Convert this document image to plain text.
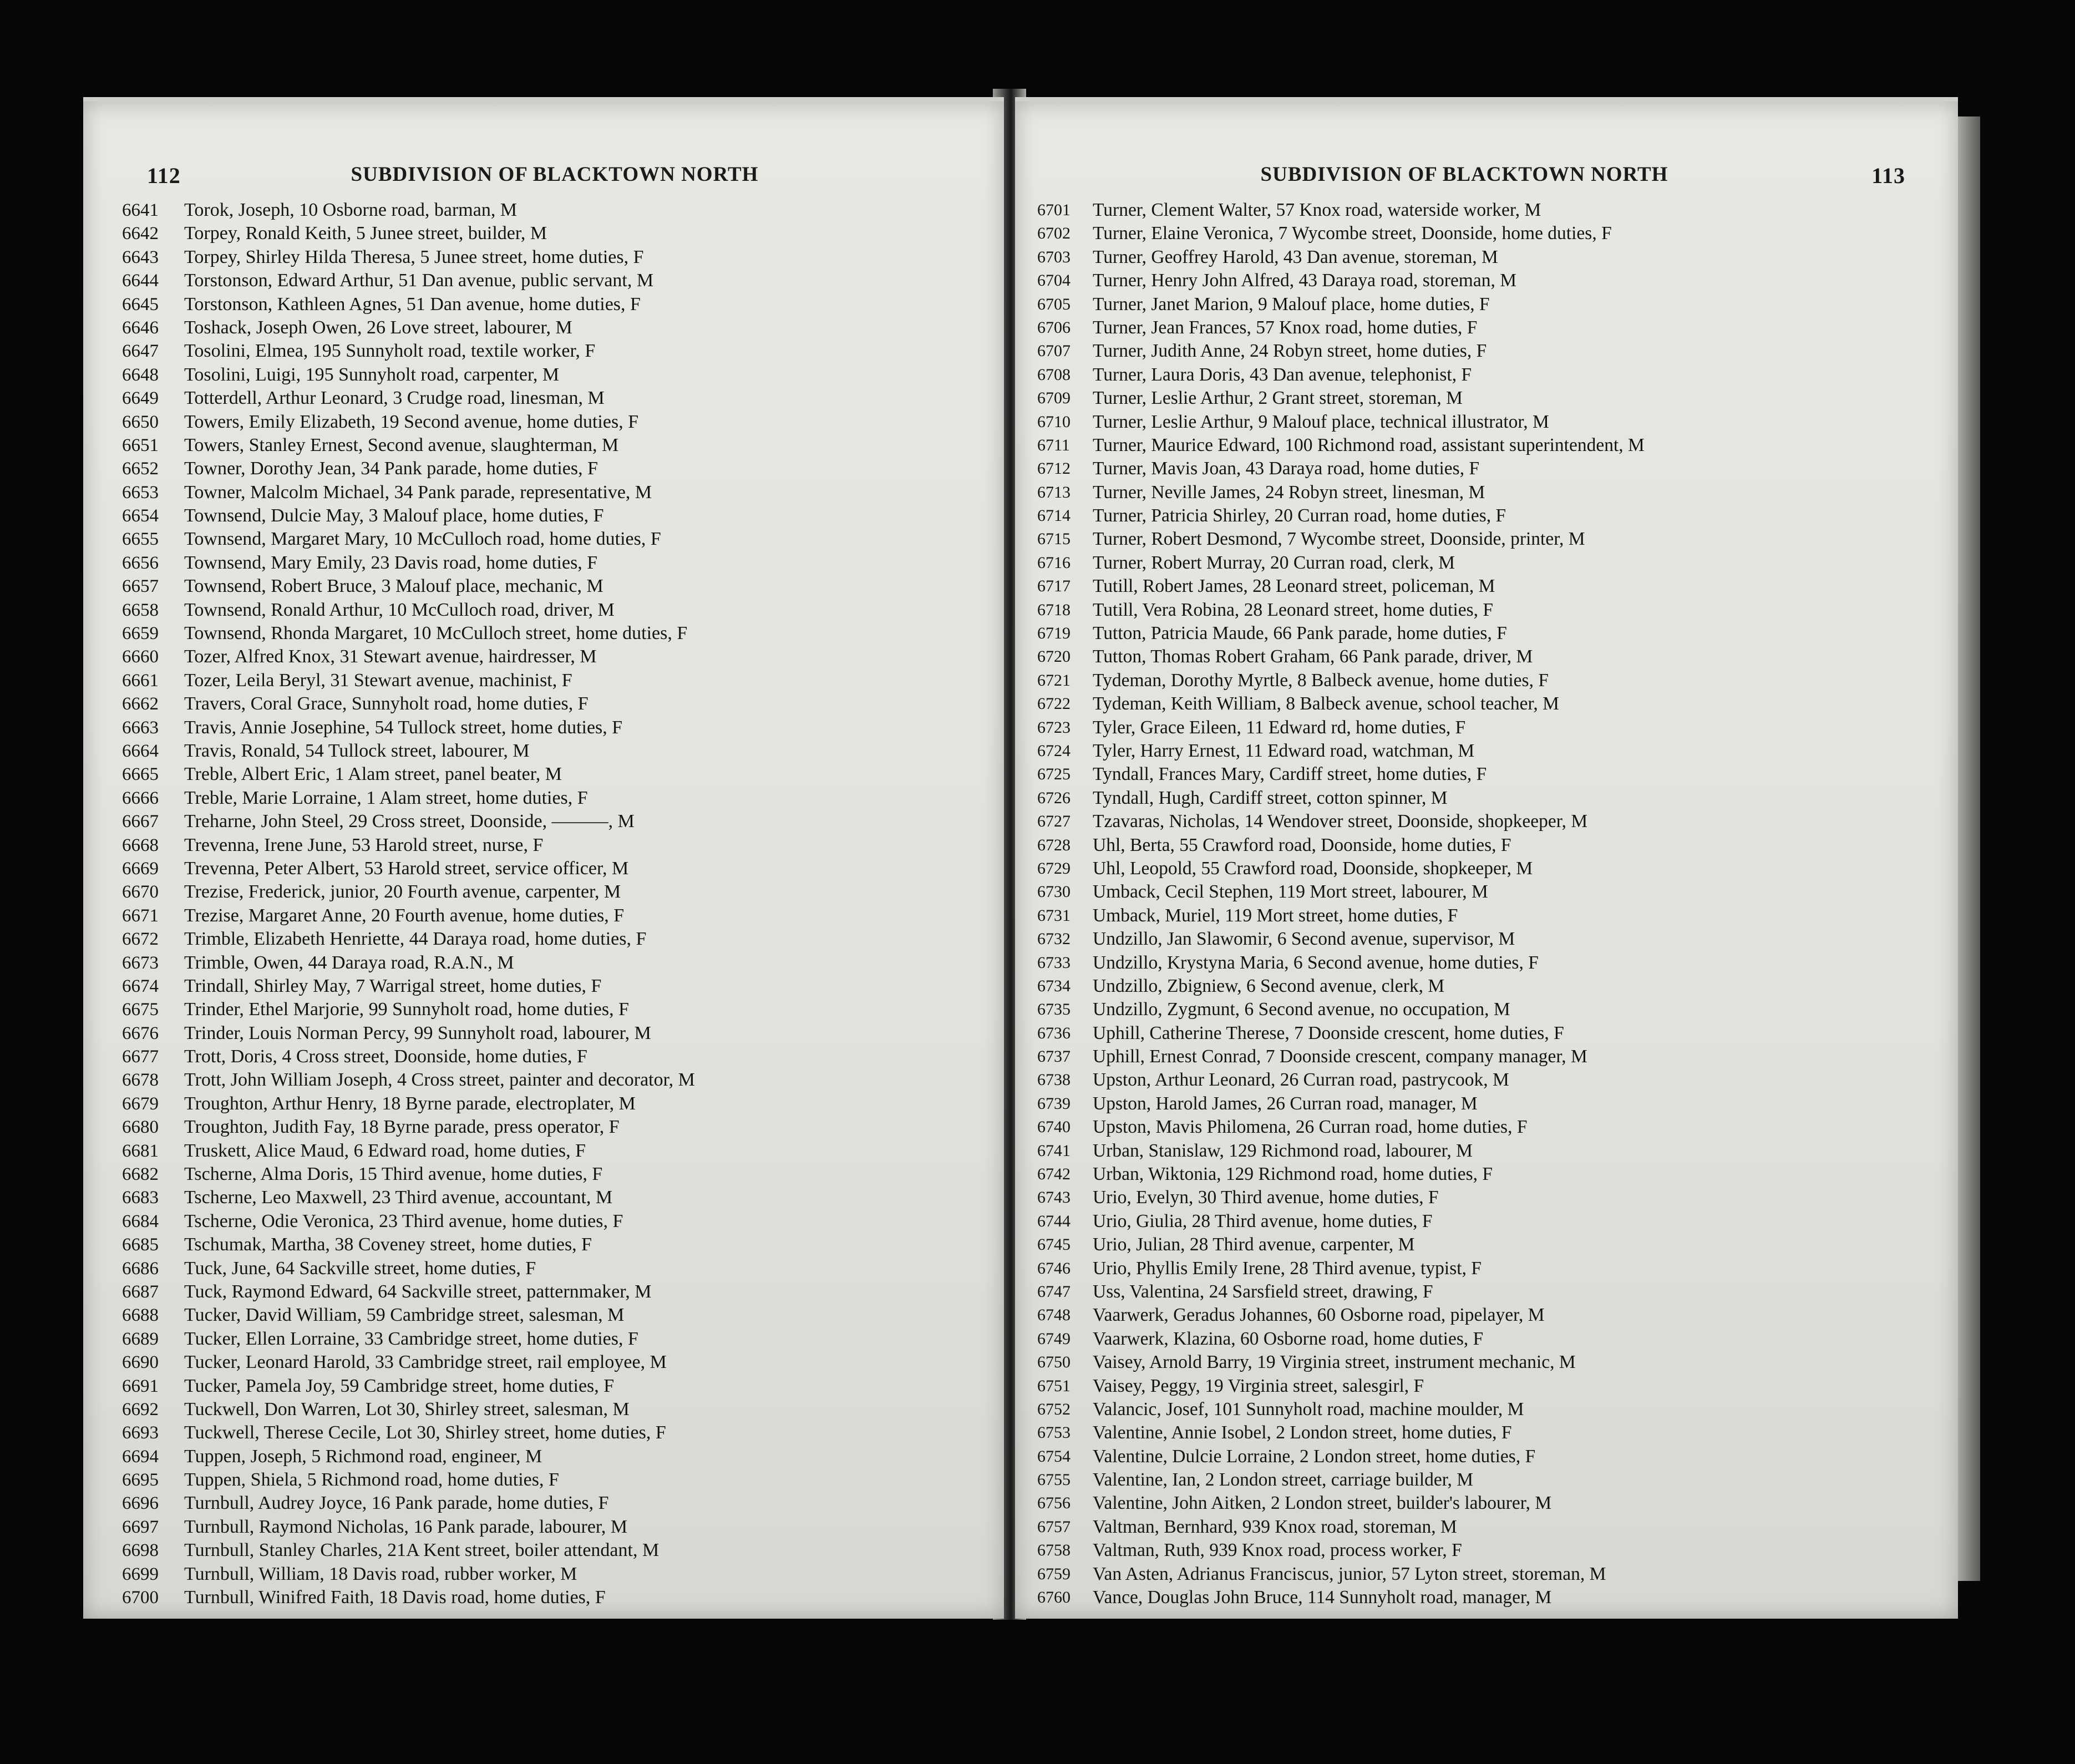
112	SUBDIVISION OF BLACKTOWN NORTH
6641	Torok, Joseph, 10 Osborne road, barman, M
6642	Torpey, Ronald Keith, 5 Junee street, builder, M
6643	Torpey, Shirley Hilda Theresa, 5 Junee street, home duties, F
6644	Torstonson, Edward Arthur, 51 Dan avenue, public servant, M
6645	Torstonson, Kathleen Agnes, 51 Dan avenue, home duties, F
6646	Toshack, Joseph Owen, 26 Love street, labourer, M
6647	Tosolini, Elmea, 195 Sunnyholt road, textile worker, F
6648	Tosolini, Luigi, 195 Sunnyholt road, carpenter, M
6649	Totterdell, Arthur Leonard, 3 Crudge road, linesman, M
6650	Towers, Emily Elizabeth, 19 Second avenue, home duties, F
6651	Towers, Stanley Ernest, Second avenue, slaughterman, M
6652	Towner, Dorothy Jean, 34 Pank parade, home duties, F
6653	Towner, Malcolm Michael, 34 Pank parade, representative, M
6654	Townsend, Dulcie May, 3 Malouf place, home duties, F
6655	Townsend, Margaret Mary, 10 McCulloch road, home duties, F
6656	Townsend, Mary Emily, 23 Davis road, home duties, F
6657	Townsend, Robert Bruce, 3 Malouf place, mechanic, M
6658	Townsend, Ronald Arthur, 10 McCulloch road, driver, M
6659	Townsend, Rhonda Margaret, 10 McCulloch street, home duties, F
6660	Tozer, Alfred Knox, 31 Stewart avenue, hairdresser, M
6661	Tozer, Leila Beryl, 31 Stewart avenue, machinist, F
6662	Travers, Coral Grace, Sunnyholt road, home duties, F
6663	Travis, Annie Josephine, 54 Tullock street, home duties, F
6664	Travis, Ronald, 54 Tullock street, labourer, M
6665	Treble, Albert Eric, 1 Alam street, panel beater, M
6666	Treble, Marie Lorraine, 1 Alam street, home duties, F
6667	Treharne, John Steel, 29 Cross street, Doonside, ———, M
6668	Trevenna, Irene June, 53 Harold street, nurse, F
6669	Trevenna, Peter Albert, 53 Harold street, service officer, M
6670	Trezise, Frederick, junior, 20 Fourth avenue, carpenter, M
6671	Trezise, Margaret Anne, 20 Fourth avenue, home duties, F
6672	Trimble, Elizabeth Henriette, 44 Daraya road, home duties, F
6673	Trimble, Owen, 44 Daraya road, R.A.N., M
6674	Trindall, Shirley May, 7 Warrigal street, home duties, F
6675	Trinder, Ethel Marjorie, 99 Sunnyholt road, home duties, F
6676	Trinder, Louis Norman Percy, 99 Sunnyholt road, labourer, M
6677	Trott, Doris, 4 Cross street, Doonside, home duties, F
6678	Trott, John William Joseph, 4 Cross street, painter and decorator, M
6679	Troughton, Arthur Henry, 18 Byrne parade, electroplater, M
6680	Troughton, Judith Fay, 18 Byrne parade, press operator, F
6681	Truskett, Alice Maud, 6 Edward road, home duties, F
6682	Tscherne, Alma Doris, 15 Third avenue, home duties, F
6683	Tscherne, Leo Maxwell, 23 Third avenue, accountant, M
6684	Tscherne, Odie Veronica, 23 Third avenue, home duties, F
6685	Tschumak, Martha, 38 Coveney street, home duties, F
6686	Tuck, June, 64 Sackville street, home duties, F
6687	Tuck, Raymond Edward, 64 Sackville street, patternmaker, M
6688	Tucker, David William, 59 Cambridge street, salesman, M
6689	Tucker, Ellen Lorraine, 33 Cambridge street, home duties, F
6690	Tucker, Leonard Harold, 33 Cambridge street, rail employee, M
6691	Tucker, Pamela Joy, 59 Cambridge street, home duties, F
6692	Tuckwell, Don Warren, Lot 30, Shirley street, salesman, M
6693	Tuckwell, Therese Cecile, Lot 30, Shirley street, home duties, F
6694	Tuppen, Joseph, 5 Richmond road, engineer, M
6695	Tuppen, Shiela, 5 Richmond road, home duties, F
6696	Turnbull, Audrey Joyce, 16 Pank parade, home duties, F
6697	Turnbull, Raymond Nicholas, 16 Pank parade, labourer, M
6698	Turnbull, Stanley Charles, 21A Kent street, boiler attendant, M
6699	Turnbull, William, 18 Davis road, rubber worker, M
6700	Turnbull, Winifred Faith, 18 Davis road, home duties, F
SUBDIVISION OF BLACKTOWN NORTH	113
6701	Turner, Clement Walter, 57 Knox road, waterside worker, M
6702	Turner, Elaine Veronica, 7 Wycombe street, Doonside, home duties, F
6703	Turner, Geoffrey Harold, 43 Dan avenue, storeman, M
6704	Turner, Henry John Alfred, 43 Daraya road, storeman, M
6705	Turner, Janet Marion, 9 Malouf place, home duties, F
6706	Turner, Jean Frances, 57 Knox road, home duties, F
6707	Turner, Judith Anne, 24 Robyn street, home duties, F
6708	Turner, Laura Doris, 43 Dan avenue, telephonist, F
6709	Turner, Leslie Arthur, 2 Grant street, storeman, M
6710	Turner, Leslie Arthur, 9 Malouf place, technical illustrator, M
6711	Turner, Maurice Edward, 100 Richmond road, assistant superintendent, M
6712	Turner, Mavis Joan, 43 Daraya road, home duties, F
6713	Turner, Neville James, 24 Robyn street, linesman, M
6714	Turner, Patricia Shirley, 20 Curran road, home duties, F
6715	Turner, Robert Desmond, 7 Wycombe street, Doonside, printer, M
6716	Turner, Robert Murray, 20 Curran road, clerk, M
6717	Tutill, Robert James, 28 Leonard street, policeman, M
6718	Tutill, Vera Robina, 28 Leonard street, home duties, F
6719	Tutton, Patricia Maude, 66 Pank parade, home duties, F
6720	Tutton, Thomas Robert Graham, 66 Pank parade, driver, M
6721	Tydeman, Dorothy Myrtle, 8 Balbeck avenue, home duties, F
6722	Tydeman, Keith William, 8 Balbeck avenue, school teacher, M
6723	Tyler, Grace Eileen, 11 Edward rd, home duties, F
6724	Tyler, Harry Ernest, 11 Edward road, watchman, M
6725	Tyndall, Frances Mary, Cardiff street, home duties, F
6726	Tyndall, Hugh, Cardiff street, cotton spinner, M
6727	Tzavaras, Nicholas, 14 Wendover street, Doonside, shopkeeper, M
6728	Uhl, Berta, 55 Crawford road, Doonside, home duties, F
6729	Uhl, Leopold, 55 Crawford road, Doonside, shopkeeper, M
6730	Umback, Cecil Stephen, 119 Mort street, labourer, M
6731	Umback, Muriel, 119 Mort street, home duties, F
6732	Undzillo, Jan Slawomir, 6 Second avenue, supervisor, M
6733	Undzillo, Krystyna Maria, 6 Second avenue, home duties, F
6734	Undzillo, Zbigniew, 6 Second avenue, clerk, M
6735	Undzillo, Zygmunt, 6 Second avenue, no occupation, M
6736	Uphill, Catherine Therese, 7 Doonside crescent, home duties, F
6737	Uphill, Ernest Conrad, 7 Doonside crescent, company manager, M
6738	Upston, Arthur Leonard, 26 Curran road, pastrycook, M
6739	Upston, Harold James, 26 Curran road, manager, M
6740	Upston, Mavis Philomena, 26 Curran road, home duties, F
6741	Urban, Stanislaw, 129 Richmond road, labourer, M
6742	Urban, Wiktonia, 129 Richmond road, home duties, F
6743	Urio, Evelyn, 30 Third avenue, home duties, F
6744	Urio, Giulia, 28 Third avenue, home duties, F
6745	Urio, Julian, 28 Third avenue, carpenter, M
6746	Urio, Phyllis Emily Irene, 28 Third avenue, typist, F
6747	Uss, Valentina, 24 Sarsfield street, drawing, F
6748	Vaarwerk, Geradus Johannes, 60 Osborne road, pipelayer, M
6749	Vaarwerk, Klazina, 60 Osborne road, home duties, F
6750	Vaisey, Arnold Barry, 19 Virginia street, instrument mechanic, M
6751	Vaisey, Peggy, 19 Virginia street, salesgirl, F
6752	Valancic, Josef, 101 Sunnyholt road, machine moulder, M
6753	Valentine, Annie Isobel, 2 London street, home duties, F
6754	Valentine, Dulcie Lorraine, 2 London street, home duties, F
6755	Valentine, Ian, 2 London street, carriage builder, M
6756	Valentine, John Aitken, 2 London street, builder's labourer, M
6757	Valtman, Bernhard, 939 Knox road, storeman, M
6758	Valtman, Ruth, 939 Knox road, process worker, F
6759	Van Asten, Adrianus Franciscus, junior, 57 Lyton street, storeman, M
6760	Vance, Douglas John Bruce, 114 Sunnyholt road, manager, M
